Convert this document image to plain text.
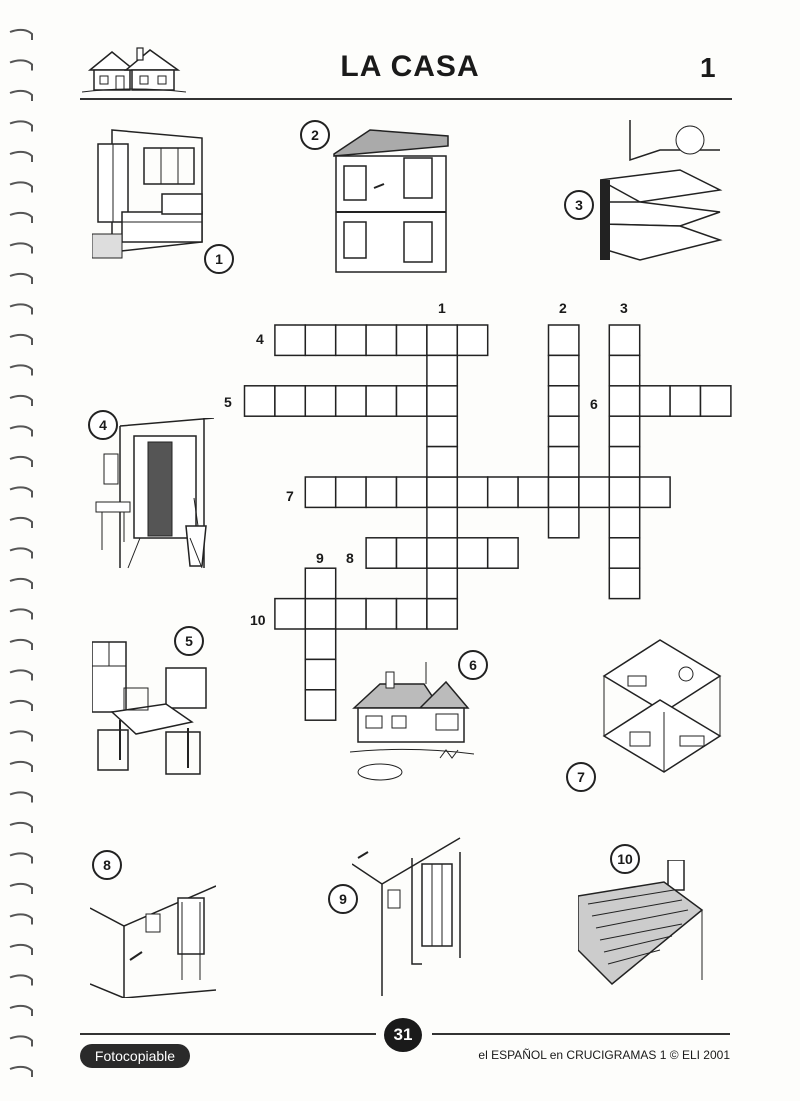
LA CASA	1
1
2
3
4
5
6
7
8
9
10
1	2	3
4
5	6
7
8
9
10
31
Fotocopiable	el ESPAÑOL en CRUCIGRAMAS 1 © ELI 2001
